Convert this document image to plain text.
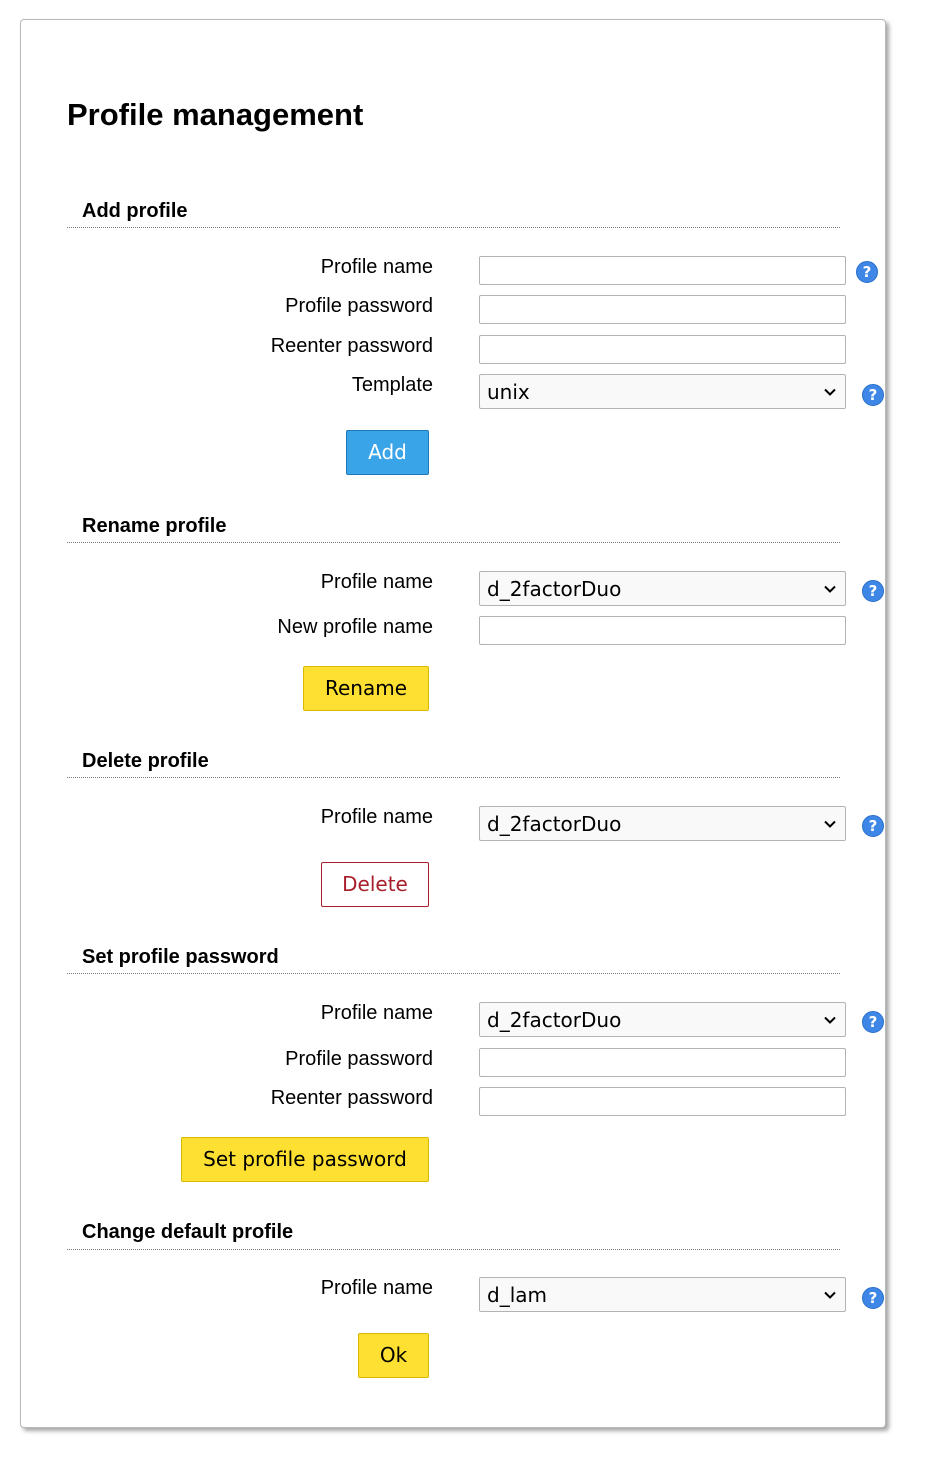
Profile management
Add profile
Profile name	?
Profile password
Reenter password
Template	unix	?
Add
Rename profile
Profile name	d_2factorDuo	?
New profile name
Rename
Delete profile
Profile name	d_2factorDuo	?
Delete
Set profile password
Profile name	d_2factorDuo	?
Profile password
Reenter password
Set profile password
Change default profile
Profile name	d_lam	?
Ok
